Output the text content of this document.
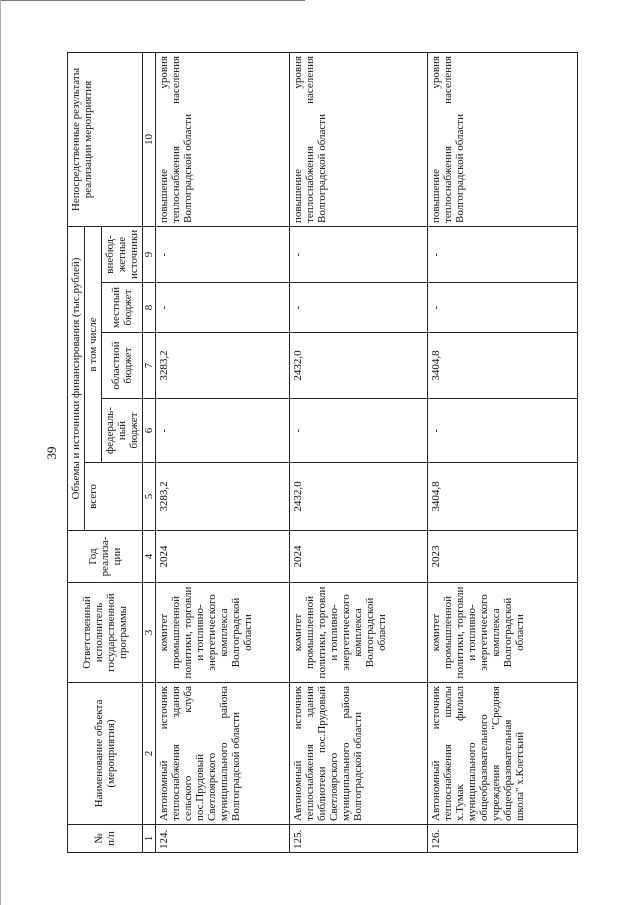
39
№ п/п	Наименование объекта (мероприятия)	Ответственный исполнитель государственной программы	Год реализа-ции	Объемы и источники финансирования (тыс.рублей)					Непосредственные результаты реализации мероприятия
				всего	в том числе				
					федераль-ный бюджет	областной бюджет	местный бюджет	внебюд-жетные источники	
1	2	3	4	5	6	7	8	9	10
124.	Автономный источник теплоснабжения здания сельского клуба пос.Прудовый Светлоярского муниципального района Волгоградской области	комитет промышленной политики, торговли и топливно-энергетического комплекса Волгоградской области	2024	3283,2	-	3283,2	-	-	повышение уровня теплоснабжения населения Волгоградской области
125.	Автономный источник теплоснабжения здания библиотеки пос.Прудовый Светлоярского муниципального района Волгоградской области	комитет промышленной политики, торговли и топливно-энергетического комплекса Волгоградской области	2024	2432,0	-	2432,0	-	-	повышение уровня теплоснабжения населения Волгоградской области
126.	Автономный источник теплоснабжения школы х.Тумак филиал муниципального общеобразовательного учреждения "Средняя общеобразовательная школа" х.Клетский	комитет промышленной политики, торговли и топливно-энергетического комплекса Волгоградской области	2023	3404,8	-	3404,8	-	-	повышение уровня теплоснабжения населения Волгоградской области
